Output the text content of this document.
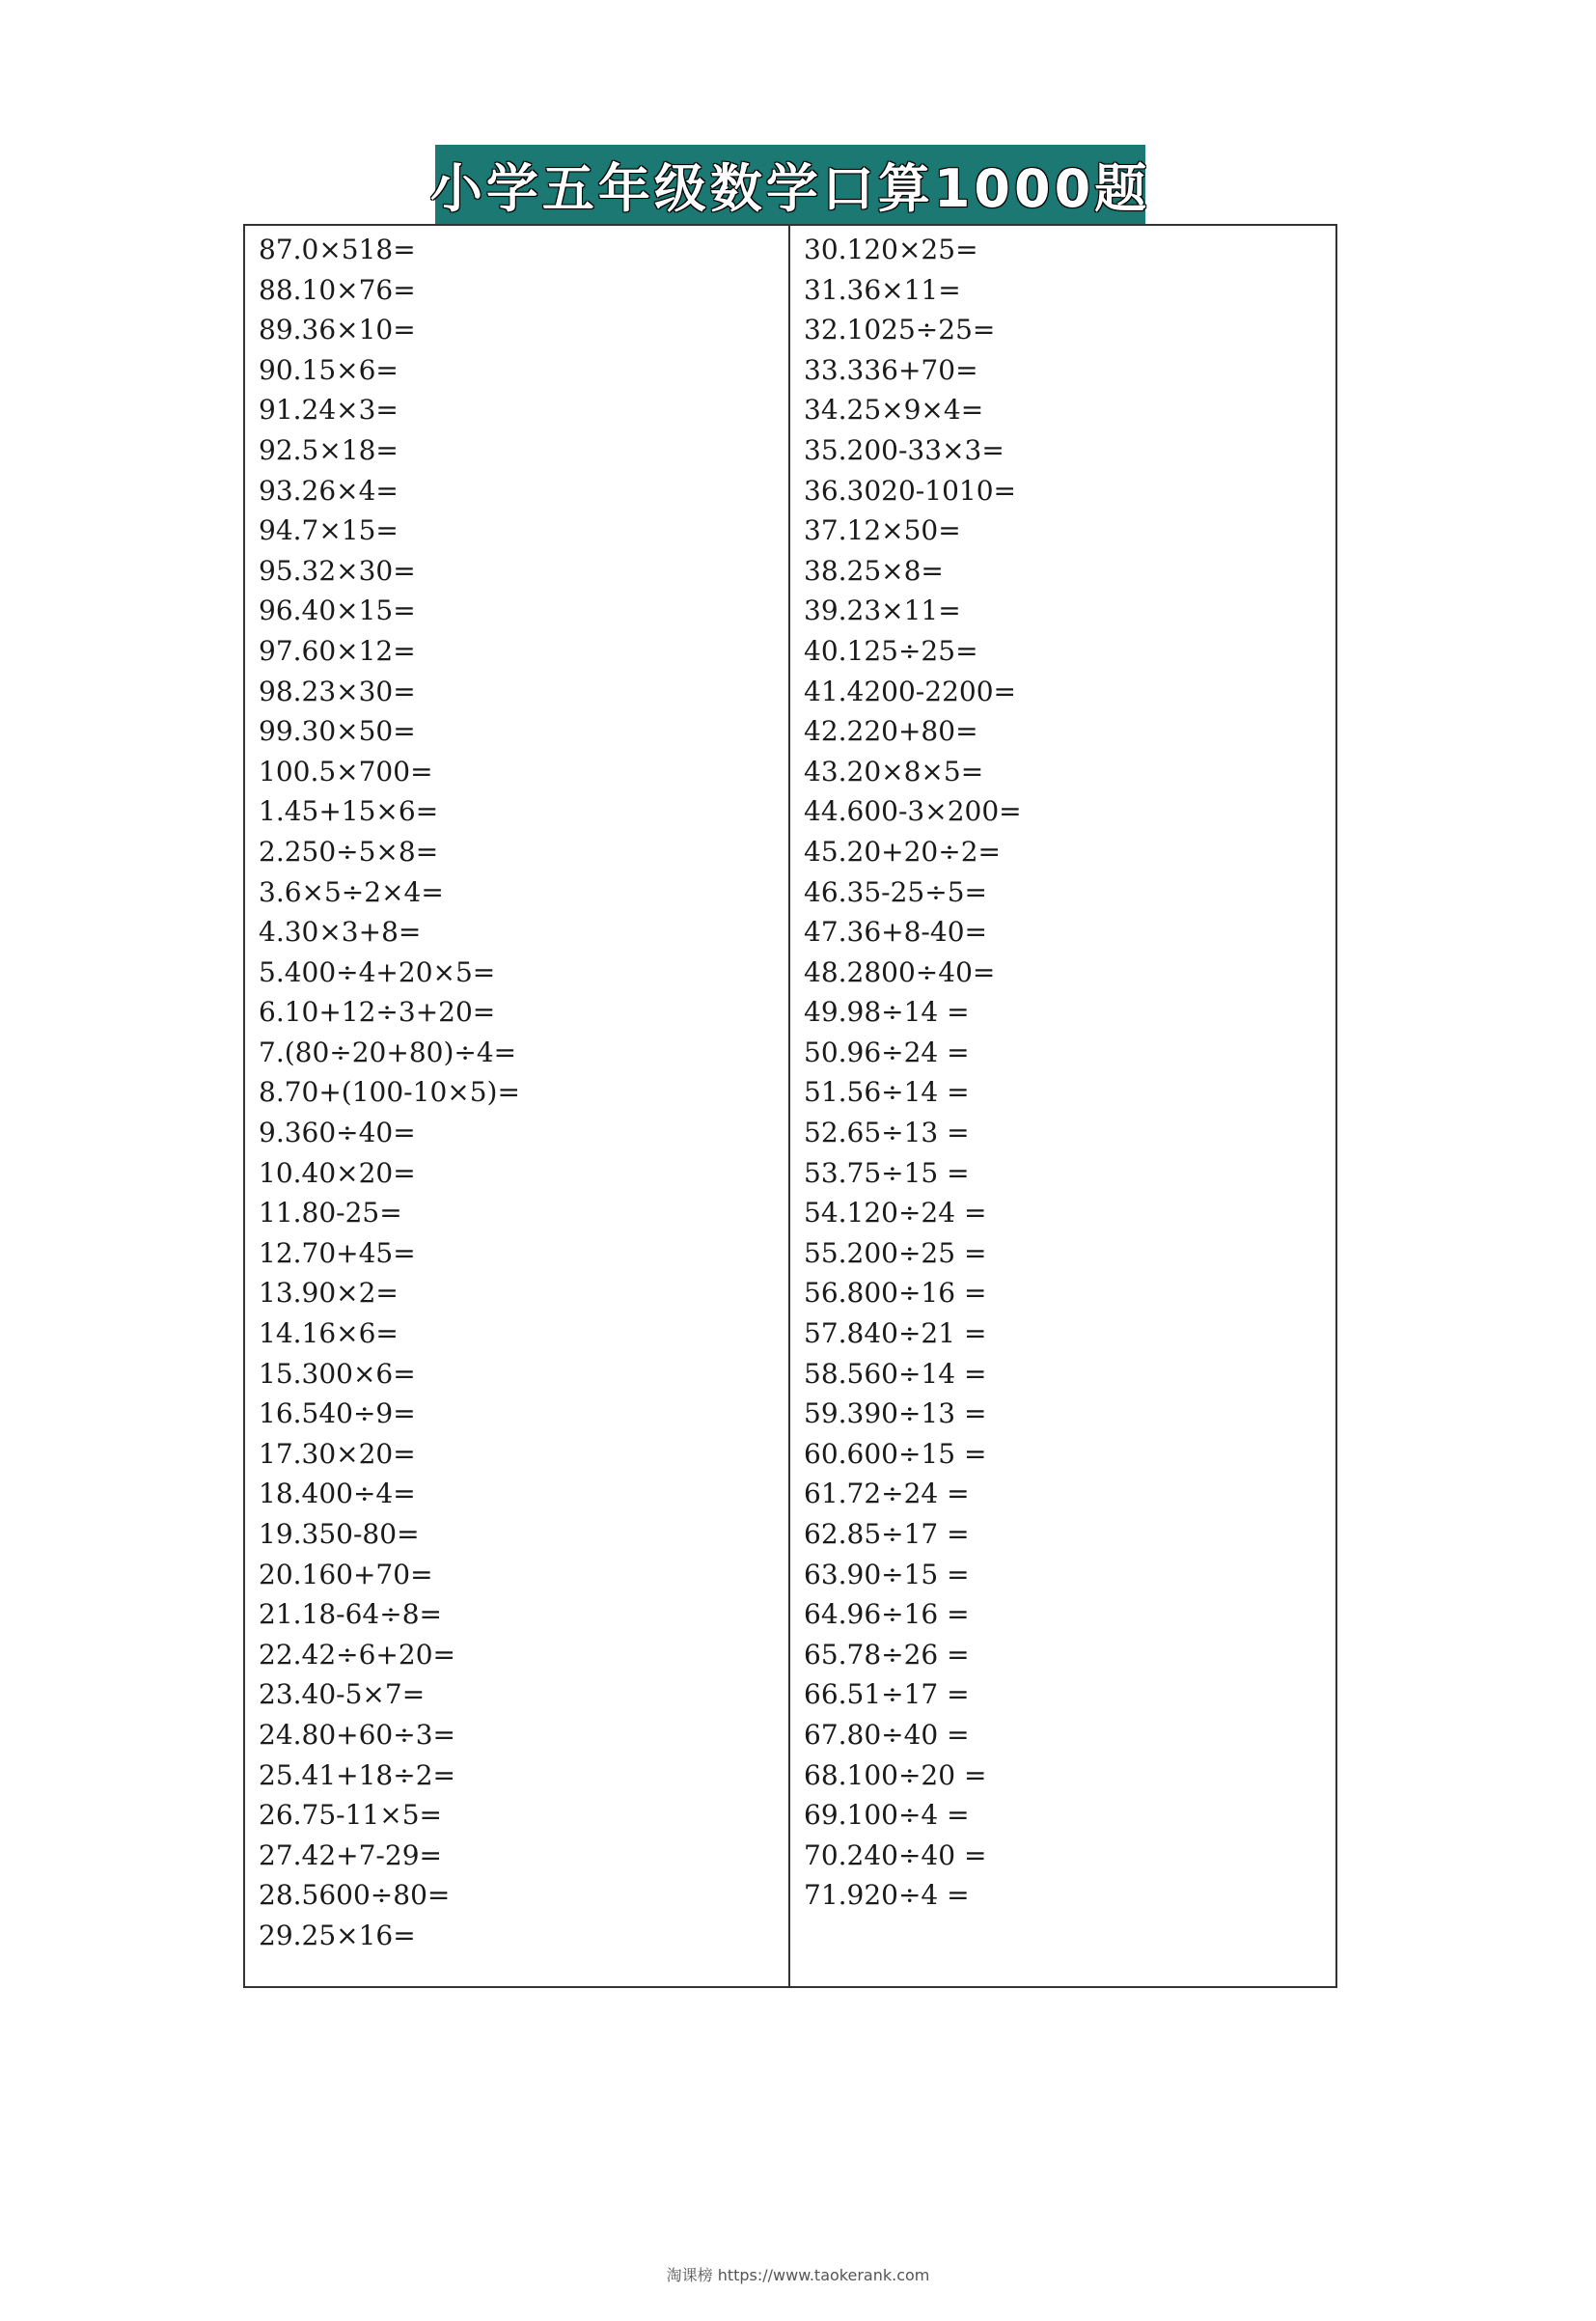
小学五年级数学口算1000题
87.0×518=
88.10×76=
89.36×10=
90.15×6=
91.24×3=
92.5×18=
93.26×4=
94.7×15=
95.32×30=
96.40×15=
97.60×12=
98.23×30=
99.30×50=
100.5×700=
1.45+15×6=
2.250÷5×8=
3.6×5÷2×4=
4.30×3+8=
5.400÷4+20×5=
6.10+12÷3+20=
7.(80÷20+80)÷4=
8.70+(100-10×5)=
9.360÷40=
10.40×20=
11.80-25=
12.70+45=
13.90×2=
14.16×6=
15.300×6=
16.540÷9=
17.30×20=
18.400÷4=
19.350-80=
20.160+70=
21.18-64÷8=
22.42÷6+20=
23.40-5×7=
24.80+60÷3=
25.41+18÷2=
26.75-11×5=
27.42+7-29=
28.5600÷80=
29.25×16=
30.120×25=
31.36×11=
32.1025÷25=
33.336+70=
34.25×9×4=
35.200-33×3=
36.3020-1010=
37.12×50=
38.25×8=
39.23×11=
40.125÷25=
41.4200-2200=
42.220+80=
43.20×8×5=
44.600-3×200=
45.20+20÷2=
46.35-25÷5=
47.36+8-40=
48.2800÷40=
49.98÷14 =
50.96÷24 =
51.56÷14 =
52.65÷13 =
53.75÷15 =
54.120÷24 =
55.200÷25 =
56.800÷16 =
57.840÷21 =
58.560÷14 =
59.390÷13 =
60.600÷15 =
61.72÷24 =
62.85÷17 =
63.90÷15 =
64.96÷16 =
65.78÷26 =
66.51÷17 =
67.80÷40 =
68.100÷20 =
69.100÷4 =
70.240÷40 =
71.920÷4 =
淘课榜 https://www.taokerank.com
